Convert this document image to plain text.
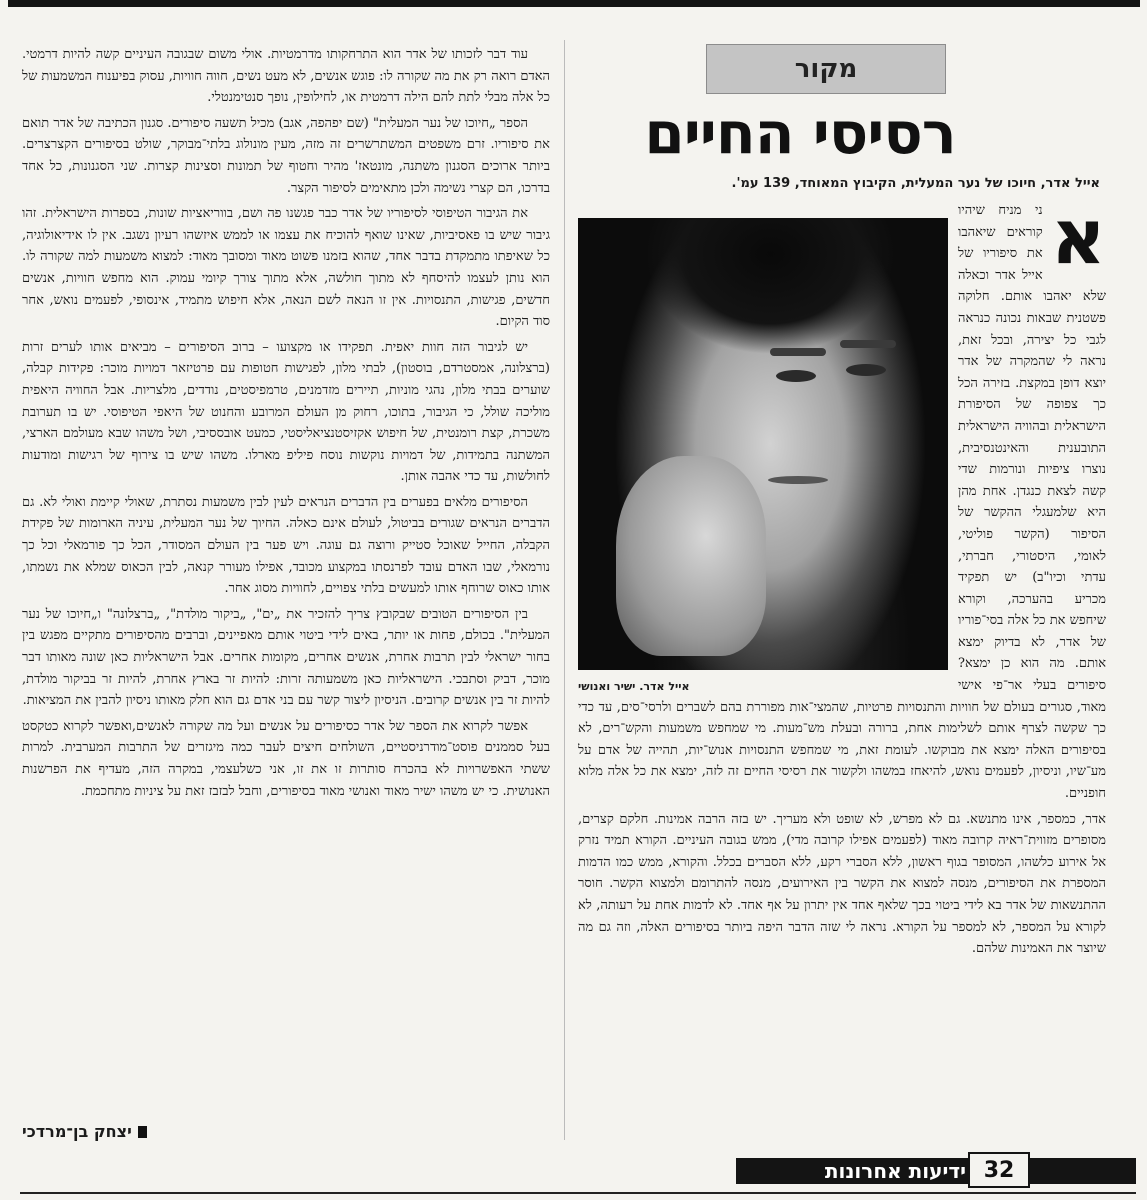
מקור
רסיסי החיים
אייל אדר, חיוכו של נער המעלית, הקיבוץ המאוחד, 139 עמ'.
א
אייל אדר. ישיר ואנושי

ני מניח שיהיו קוראים שיאהבו את סיפוריו של אייל אדר וכאלה שלא יאהבו אותם. חלוקה פשטנית שבאות נכונה כנראה לגבי כל יצירה, ובכל זאת, נראה לי שהמקרה של אדר יוצא דופן במקצת. בזירה הכל כך צפופה של הסיפורת הישראלית ובהוויה הישראלית התובענית והאינטנסיבית, נוצרו ציפיות ונורמות שדי קשה לצאת כנגדן. אחת מהן היא שלמעגלי ההקשר של הסיפור (הקשר פוליטי, לאומי, היסטורי, חברתי, עדתי וכיו"ב) יש תפקיד מכריע בהערכה, וקורא שיחפש את כל אלה בסי־פוריו של אדר, לא בדיוק ימצא אותם. מה הוא כן ימצא? סיפורים בעלי אר־פי אישי מאוד, סגורים בעולם של חוויות והתנסויות פרטיות, שהמצי־אות מפוררת בהם לשברים ולרסי־סים, עד כדי כך שקשה לצרף אותם לשלימות אחת, ברורה ובעלת מש־מעות. מי שמחפש משמעות והקש־רים, לא בסיפורים האלה ימצא את מבוקשו. לעומת זאת, מי שמחפש התנסויות אנוש־יות, תהייה של אדם על מע־שיו, וניסיון, לפעמים נואש, להיאחז במשהו ולקשור את רסיסי החיים זה לזה, ימצא את כל אלה מלוא חופניים.

אדר, כמספר, אינו מתנשא. גם לא מפרש, לא שופט ולא מעריך. יש בזה הרבה אמינות. חלקם קצרים, מסופרים מזווית־ראיה קרובה מאוד (לפעמים אפילו קרובה מדי), ממש בגובה העיניים. הקורא תמיד נזרק אל אירוע כלשהו, המסופר בגוף ראשון, ללא הסברי רקע, ללא הסברים בכלל. והקורא, ממש כמו הדמות המספרת את הסיפורים, מנסה למצוא את הקשר בין האירועים, מנסה להתרומם ולמצוא הקשר. חוסר ההתנשאות של אדר בא לידי ביטוי בכך שלאף אחד אין יתרון על אף אחד. לא לדמות אחת על רעותה, לא לקורא על המספר, לא למספר על הקורא. נראה לי שזה הדבר היפה ביותר בסיפורים האלה, וזה גם מה שיוצר את האמינות שלהם.

עוד דבר לזכותו של אדר הוא התרחקותו מדרמטיות. אולי משום שבגובה העיניים קשה להיות דרמטי. האדם רואה רק את מה שקורה לו: פוגש אנשים, לא מעט נשים, חווה חוויות, עסוק בפיענוח המשמעות של כל אלה מבלי לתת להם הילה דרמטית או, לחילופין, נופך סנטימנטלי.

הספר „חיוכו של נער המעלית" (שם יפהפה, אגב) מכיל תשעה סיפורים. סגנון הכתיבה של אדר תואם את סיפוריו. זרם משפטים המשתרשרים זה מזה, מעין מונולוג בלתי־מבוקר, שולט בסיפורים הקצרצרים. ביותר ארוכים הסגנון משתנה, מונטאז' מהיר וחטוף של תמונות וסצינות קצרות. שני הסגנונות, כל אחד בדרכו, הם קצרי נשימה ולכן מתאימים לסיפור הקצר.

את הגיבור הטיפוסי לסיפוריו של אדר כבר פגשנו פה ושם, בווריאציות שונות, בספרות הישראלית. זהו גיבור שיש בו פאסיביות, שאינו שואף להוכיח את עצמו או לממש איזשהו רעיון נשגב. אין לו אידיאולוגיה, כל שאיפתו מתמקדת בדבר אחד, שהוא בזמנו פשוט מאוד ומסובך מאוד: למצוא משמעות למה שקורה לו. הוא נותן לעצמו להיסחף לא מתוך חולשה, אלא מתוך צורך קיומי עמוק. הוא מחפש חוויות, אנשים חדשים, פגישות, התנסויות. אין זו הנאה לשם הנאה, אלא חיפוש מתמיד, אינסופי, לפעמים נואש, אחר סוד הקיום.

יש לגיבור הזה חוות יאפית. תפקידו או מקצועו – ברוב הסיפורים – מביאים אותו לערים זרות (ברצלונה, אמסטרדם, בוסטון), לבתי מלון, לפגישות חטופות עם פרטיזאר דמויות מוכר: פקידות קבלה, שוערים בבתי מלון, נהגי מוניות, תיירים מזדמנים, טרמפיסטים, נודדים, מלצריות. אבל החוויה היאפית מוליכה שולל, כי הגיבור, בתוכו, רחוק מן העולם המרובע והחנוט של היאפי הטיפוסי. יש בו תערובת משכרת, קצת רומנטית, של חיפוש אקזיסטנציאליסטי, כמעט אובססיבי, ושל משהו שבא מעולמם הארצי, המשתנה בתמידות, של דמויות נוקשות נוסח פיליפ מארלו. משהו שיש בו צירוף של רגישות ומודעות לחולשות, עד כדי אהבה אותן.

הסיפורים מלאים בפערים בין הדברים הנראים לעין לבין משמעות נסתרת, שאולי קיימת ואולי לא. גם הדברים הנראים שגורים בביטול, לעולם אינם כאלה. החיוך של נער המעלית, עיניה הארומות של פקידת הקבלה, החייל שאוכל סטייק ורוצה גם עוגה. ויש פער בין העולם המסודר, הכל כך פורמאלי וכל כך נורמאלי, שבו האדם עובד לפרנסתו במקצוע מכובד, אפילו מעורר קנאה, לבין הכאוס שמלא את נשמתו, אותו כאוס שרוחף אותו למעשים בלתי צפויים, לחוויות מסוג אחר.

בין הסיפורים הטובים שבקובץ צריך להזכיר את „ים", „ביקור מולדת", „ברצלונה" ו„חיוכו של נער המעלית". בכולם, פחות או יותר, באים לידי ביטוי אותם מאפיינים, וברבים מהסיפורים מתקיים מפגש בין בחור ישראלי לבין תרבות אחרת, אנשים אחרים, מקומות אחרים. אבל הישראליות כאן שונה מאותו דבר מוכר, דביק וסתבכי. הישראליות כאן משמעותה זרות: להיות זר בארץ אחרת, להיות זר בביקור מולדת, להיות זר בין אנשים קרובים. הניסיון ליצור קשר עם בני אדם גם הוא חלק מאותו ניסיון להבין את המציאות.

אפשר לקרוא את הספר של אדר כסיפורים על אנשים ועל מה שקורה לאנשים,ואפשר לקרוא כטקסט בעל סממנים פוסט־מודרניסטיים, השולחים חיצים לעבר כמה מיגזרים של התרבות המערבית. למרות ששתי האפשרויות לא בהכרח סותרות זו את זו, אני כשלעצמי, במקרה הזה, מעדיף את הפרשנות האנושית. כי יש משהו ישיר מאוד ואנושי מאוד בסיפורים, וחבל לבזבז זאת על ציניות מתחכמת.

יצחק בן־מרדכי
ידיעות אחרונות 32
